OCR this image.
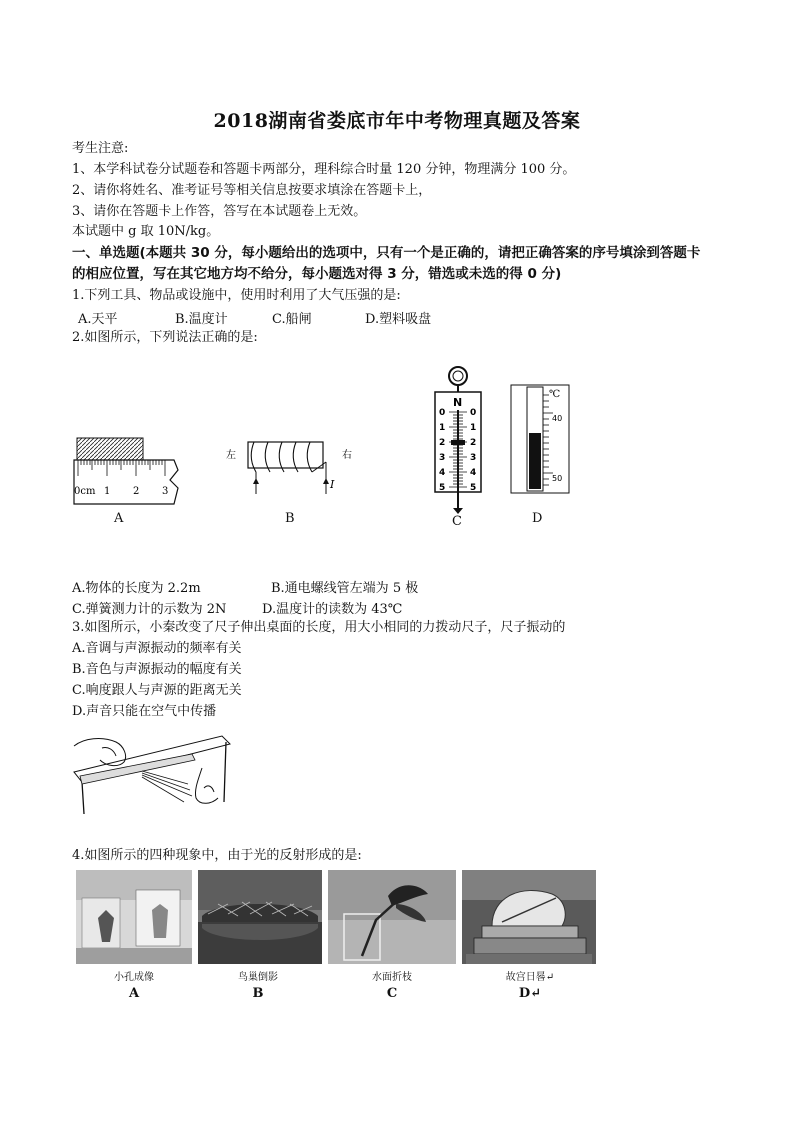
2018湖南省娄底市年中考物理真题及答案
考生注意:
1、本学科试卷分试题卷和答题卡两部分，理科综合时量 120 分钟，物理满分 100 分。
2、请你将姓名、准考证号等相关信息按要求填涂在答题卡上，
3、请你在答题卡上作答，答写在本试题卷上无效。
本试题中 g 取 10N/kg。
一、单选题(本题共 30 分，每小题给出的选项中，只有一个是正确的，请把正确答案的序号填涂到答题卡
的相应位置，写在其它地方均不给分，每小题选对得 3 分，错选或未选的得 0 分)
1.下列工具、物品或设施中，使用时利用了大气压强的是:
A.天平	B.温度计	C.船闸	D.塑料吸盘
2.如图所示，下列说法正确的是:
0cm 1 2 3
A
左	右
I
B
N
0
1
2
3
4
5
0
1
2
3
4
5
C
℃
40
50
D
A.物体的长度为 2.2m	B.通电螺线管左端为 5 极
C.弹簧测力计的示数为 2N	D.温度计的读数为 43℃
3.如图所示，小秦改变了尺子伸出桌面的长度，用大小相同的力拨动尺子，尺子振动的
A.音调与声源振动的频率有关
B.音色与声源振动的幅度有关
C.响度跟人与声源的距离无关
D.声音只能在空气中传播
4.如图所示的四种现象中，由于光的反射形成的是:
小孔成像	鸟巢倒影	水面折枝	故宫日晷↵
A	B	C	D↵
